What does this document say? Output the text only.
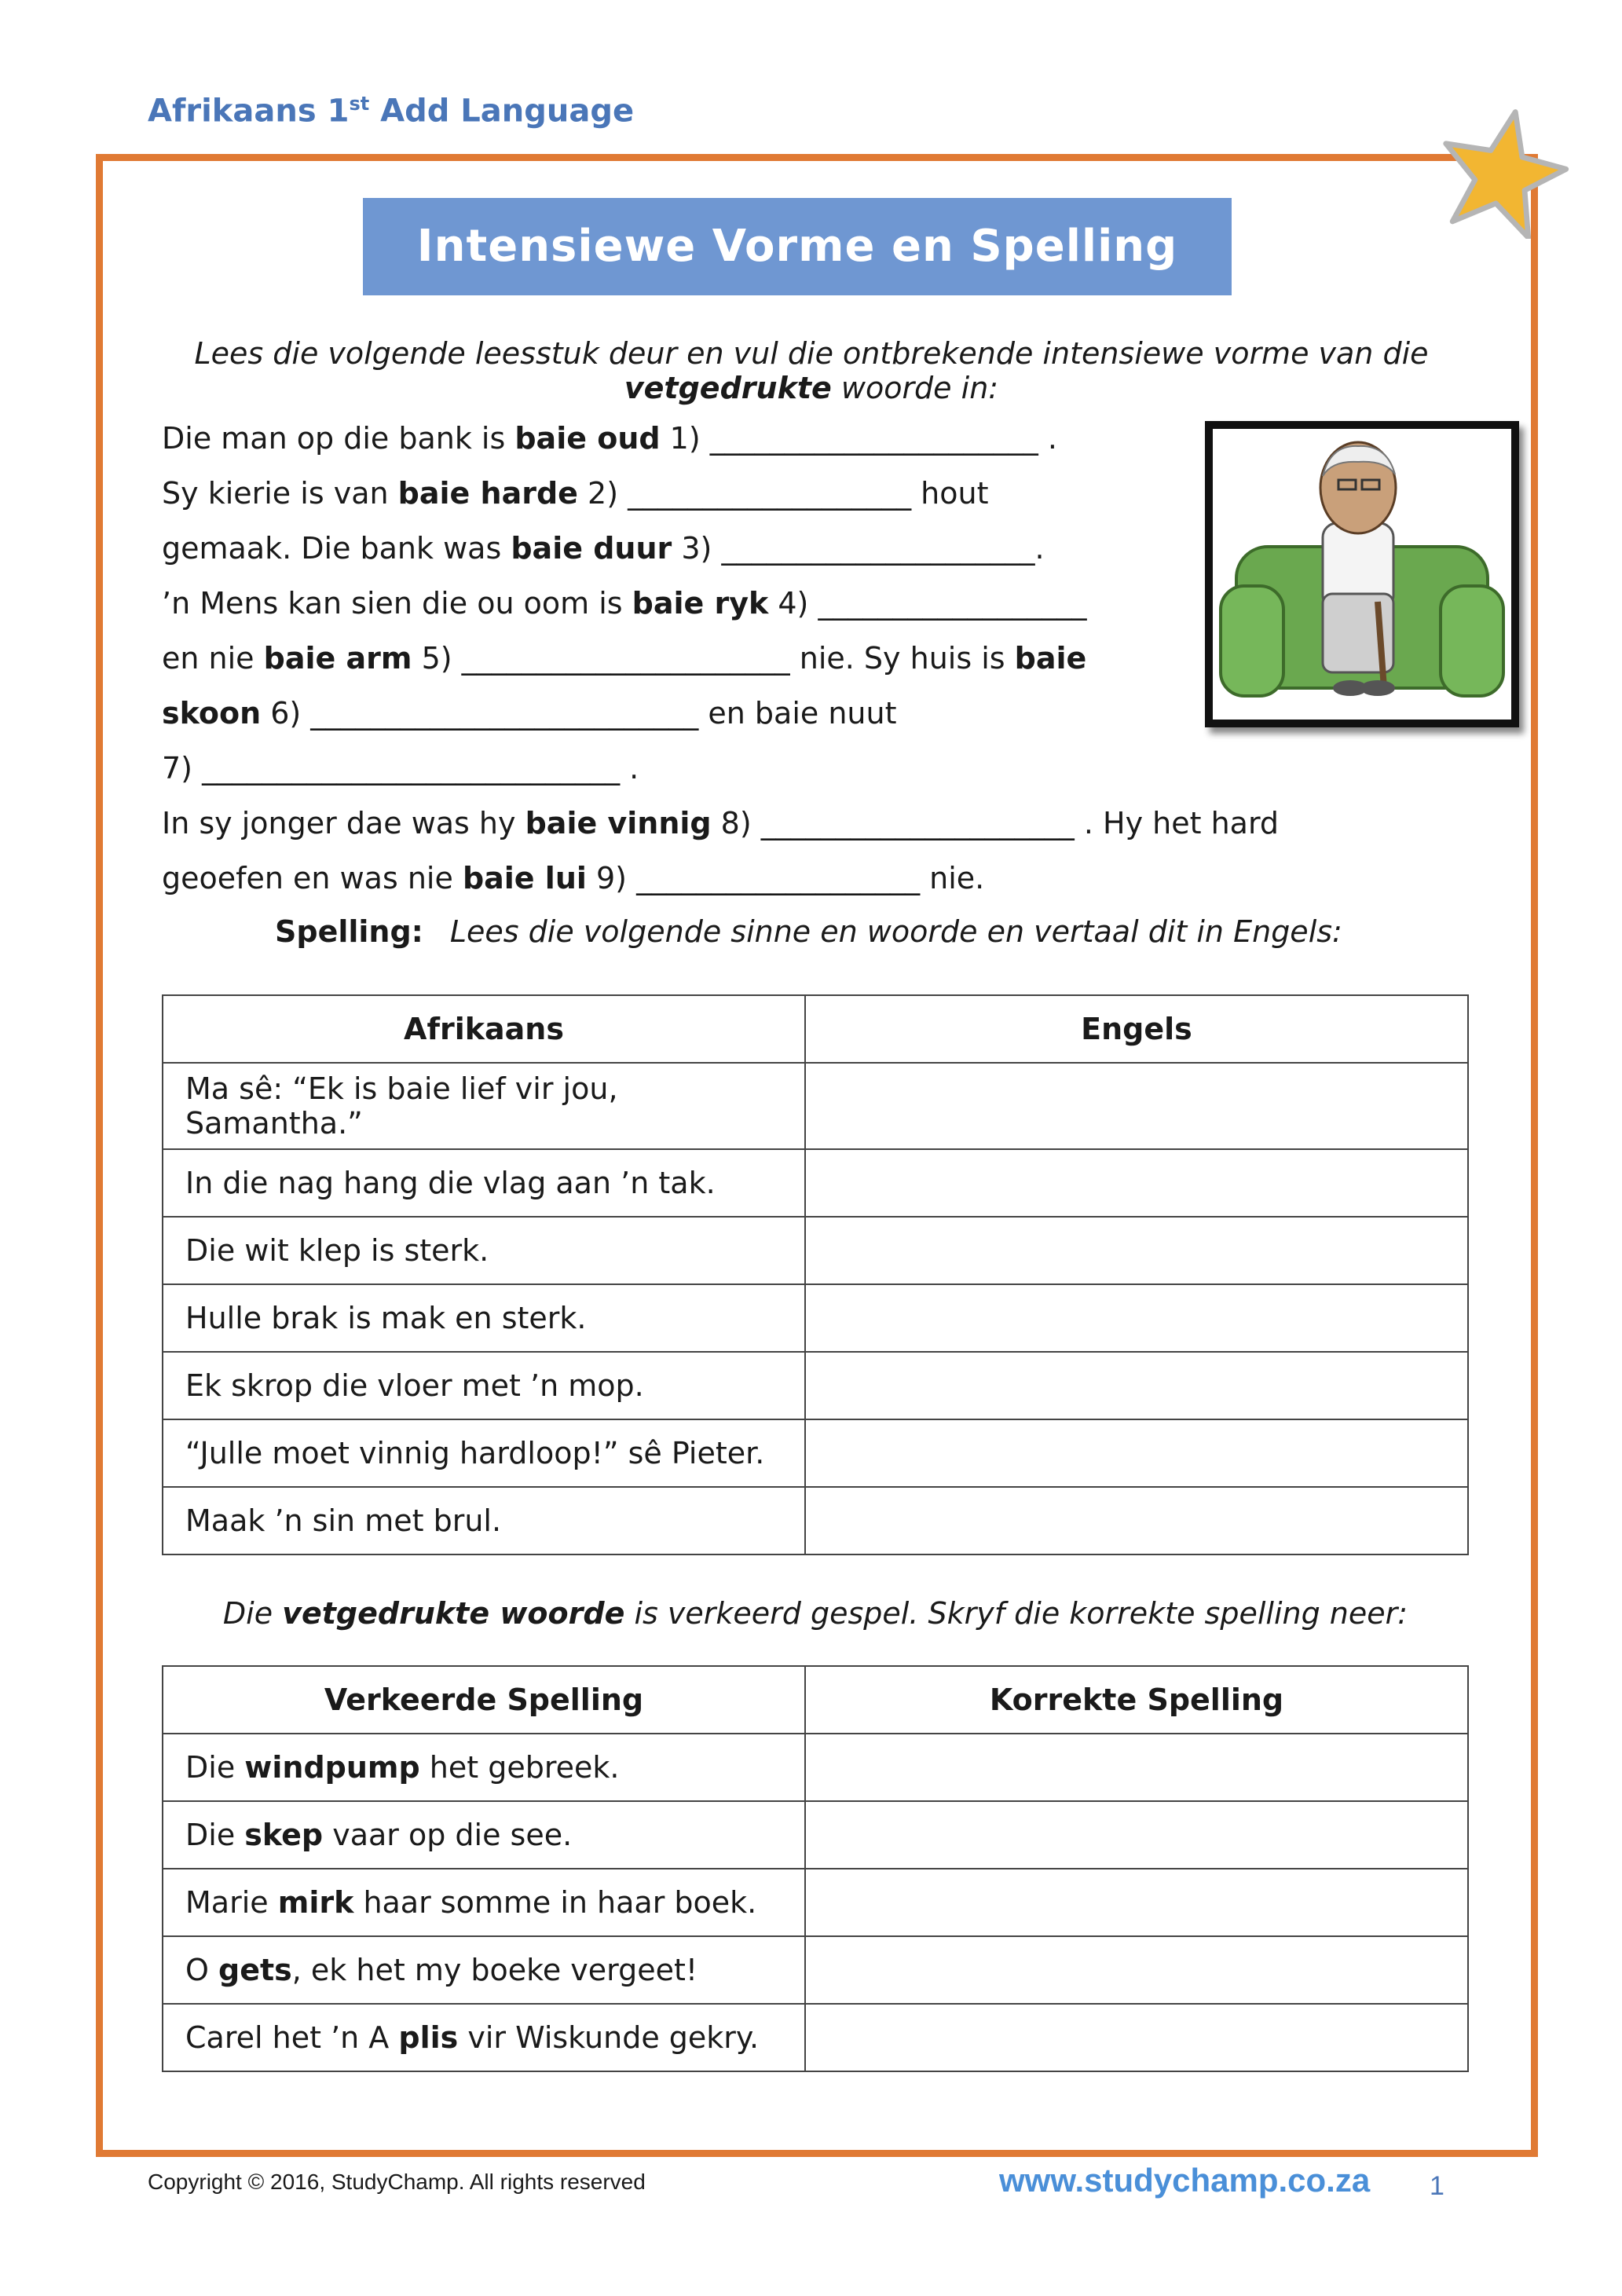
Afrikaans 1st Add Language
Intensiewe Vorme en Spelling
Lees die volgende leesstuk deur en vul die ontbrekende intensiewe vorme van die
vetgedrukte woorde in:
Die man op die bank is baie oud 1) ______________________ .
Sy kierie is van baie harde 2) ___________________ hout
gemaak. Die bank was baie duur 3) _____________________.
’n Mens kan sien die ou oom is baie ryk 4) __________________
en nie baie arm 5) ______________________ nie. Sy huis is baie
skoon 6) __________________________ en baie nuut
7) ____________________________ .
In sy jonger dae was hy baie vinnig 8) _____________________ . Hy het hard
geoefen en was nie baie lui 9) ___________________ nie.
Spelling: Lees die volgende sinne en woorde en vertaal dit in Engels:
Afrikaans	Engels
Ma sê: “Ek is baie lief vir jou, Samantha.”	
In die nag hang die vlag aan ’n tak.	
Die wit klep is sterk.	
Hulle brak is mak en sterk.	
Ek skrop die vloer met ’n mop.	
“Julle moet vinnig hardloop!” sê Pieter.	
Maak ’n sin met brul.	
Die vetgedrukte woorde is verkeerd gespel. Skryf die korrekte spelling neer:
Verkeerde Spelling	Korrekte Spelling
Die windpump het gebreek.	
Die skep vaar op die see.	
Marie mirk haar somme in haar boek.	
O gets, ek het my boeke vergeet!	
Carel het ’n A plis vir Wiskunde gekry.	
Copyright © 2016, StudyChamp. All rights reserved	www.studychamp.co.za 1
